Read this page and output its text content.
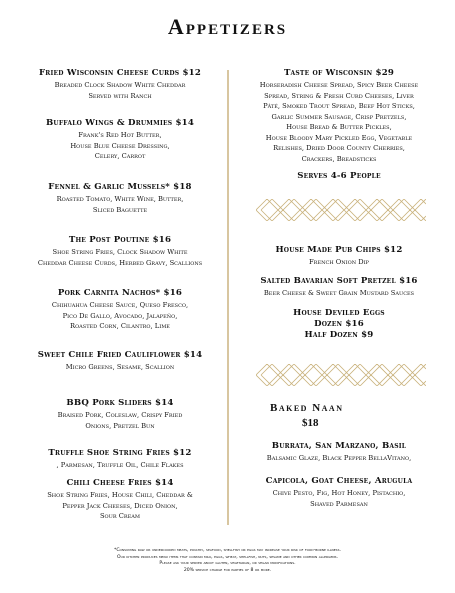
Appetizers
Fried Wisconsin Cheese Curds $12
Breaded Clock Shadow White Cheddar
Served with Ranch
Buffalo Wings & Drummies $14
Frank's Red Hot Butter,
House Blue Cheese Dressing,
Celery, Carrot
Fennel & Garlic Mussels* $18
Roasted Tomato, White Wine, Butter,
Sliced Baguette
The Post Poutine $16
Shoe String Fries, Clock Shadow White
Cheddar Cheese Curds, Herbed Gravy, Scallions
Pork Carnita Nachos* $16
Chihuahua Cheese Sauce, Queso Fresco,
Pico De Gallo, Avocado, Jalapeño,
Roasted Corn, Cilantro, Lime
Sweet Chile Fried Cauliflower $14
Micro Greens, Sesame, Scallion
BBQ Pork Sliders $14
Braised Pork, Coleslaw, Crispy Fried
Onions, Pretzel Bun
Truffle Shoe String Fries $12
, Parmesan, Truffle Oil, Chile Flakes
Chili Cheese Fries $14
Shoe String Fries, House Chili, Cheddar &
Pepper Jack Cheeses, Diced Onion,
Sour Cream
Taste of Wisconsin $29
Horseradish Cheese Spread, Spicy Beer Cheese
Spread, String & Fresh Curd Cheeses, Liver
Pâté, Smoked Trout Spread, Beef Hot Sticks,
Garlic Summer Sausage, Crisp Pretzels,
House Bread & Butter Pickles,
House Bloody Mary Pickled Egg, Vegetable
Relishes, Dried Door County Cherries,
Crackers, Breadsticks
Serves 4-6 People
House Made Pub Chips $12
French Onion Dip
Salted Bavarian Soft Pretzel $16
Beer Cheese & Sweet Grain Mustard Sauces
House Deviled Eggs
Dozen $16
Half Dozen $9
Burrata, San Marzano, Basil
Balsamic Glaze, Black Pepper BellaVitano,
Capicola, Goat Cheese, Arugula
Chive Pesto, Fig, Hot Honey, Pistachio,
Shaved Parmesan
Baked Naan
$18
*Consuming raw or undercooked meats, poultry, seafood, shellfish or eggs may increase your risk of food-borne illness.
Our kitchen produces menu items that contain milk, eggs, wheat, shellfish, nuts, sesame and other common allergens.
Please ask your server about gluten, vegetarian, or vegan modifications.
20% service charge for parties of 8 or more.
